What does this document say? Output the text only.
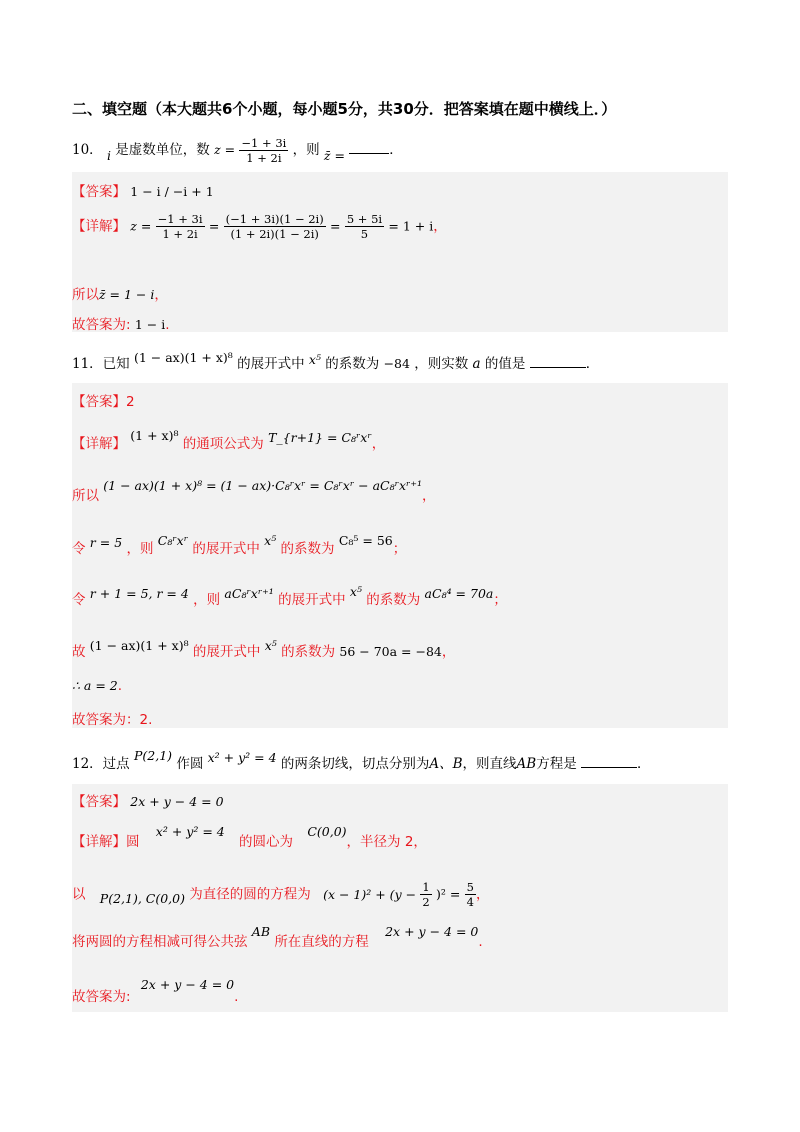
二、填空题（本大题共6个小题，每小题5分，共30分．把答案填在题中横线上．）
10． i 是虚数单位，数 $z = \frac{-1 + 3i}{1 + 2i}$ ，则 z̄ =	．
【答案】 1 − i / −i + 1
【详解】 $z = \frac{-1 + 3i}{1 + 2i} = \frac{(-1 + 3i)(1 - 2i)}{(1 + 2i)(1 - 2i)} = \frac{5 + 5i}{5} = 1 + i$，
所以z̄ = 1 − i，
故答案为: 1 − i.
11．已知 (1 − ax)(1 + x)⁸ 的展开式中 x⁵ 的系数为 −84 ，则实数 a 的值是	．
【答案】2
【详解】 (1 + x)⁸ 的通项公式为 T_{r+1} = C₈ʳxʳ，
所以 (1 − ax)(1 + x)⁸ = (1 − ax)·C₈ʳxʳ = C₈ʳxʳ − aC₈ʳxʳ⁺¹，
令 r = 5 ，则 C₈ʳxʳ 的展开式中 x⁵ 的系数为 C₈⁵ = 56；
令 r + 1 = 5, r = 4 ，则 aC₈ʳxʳ⁺¹ 的展开式中 x⁵ 的系数为 aC₈⁴ = 70a；
故 (1 − ax)(1 + x)⁸ 的展开式中 x⁵ 的系数为 56 − 70a = −84，
∴ a = 2.
故答案为：2.
12．过点 P(2,1) 作圆 x² + y² = 4 的两条切线，切点分别为A、B，则直线AB方程是	．
【答案】 2x + y − 4 = 0
【详解】圆 x² + y² = 4 的圆心为 C(0,0)，半径为 2，
以 P(2,1), C(0,0) 为直径的圆的方程为 $(x - 1)^2 + (y - \frac{1}{2} )^2 = \frac{5}{4}$ ，
将两圆的方程相减可得公共弦 AB 所在直线的方程 2x + y − 4 = 0.
故答案为: 2x + y − 4 = 0.
